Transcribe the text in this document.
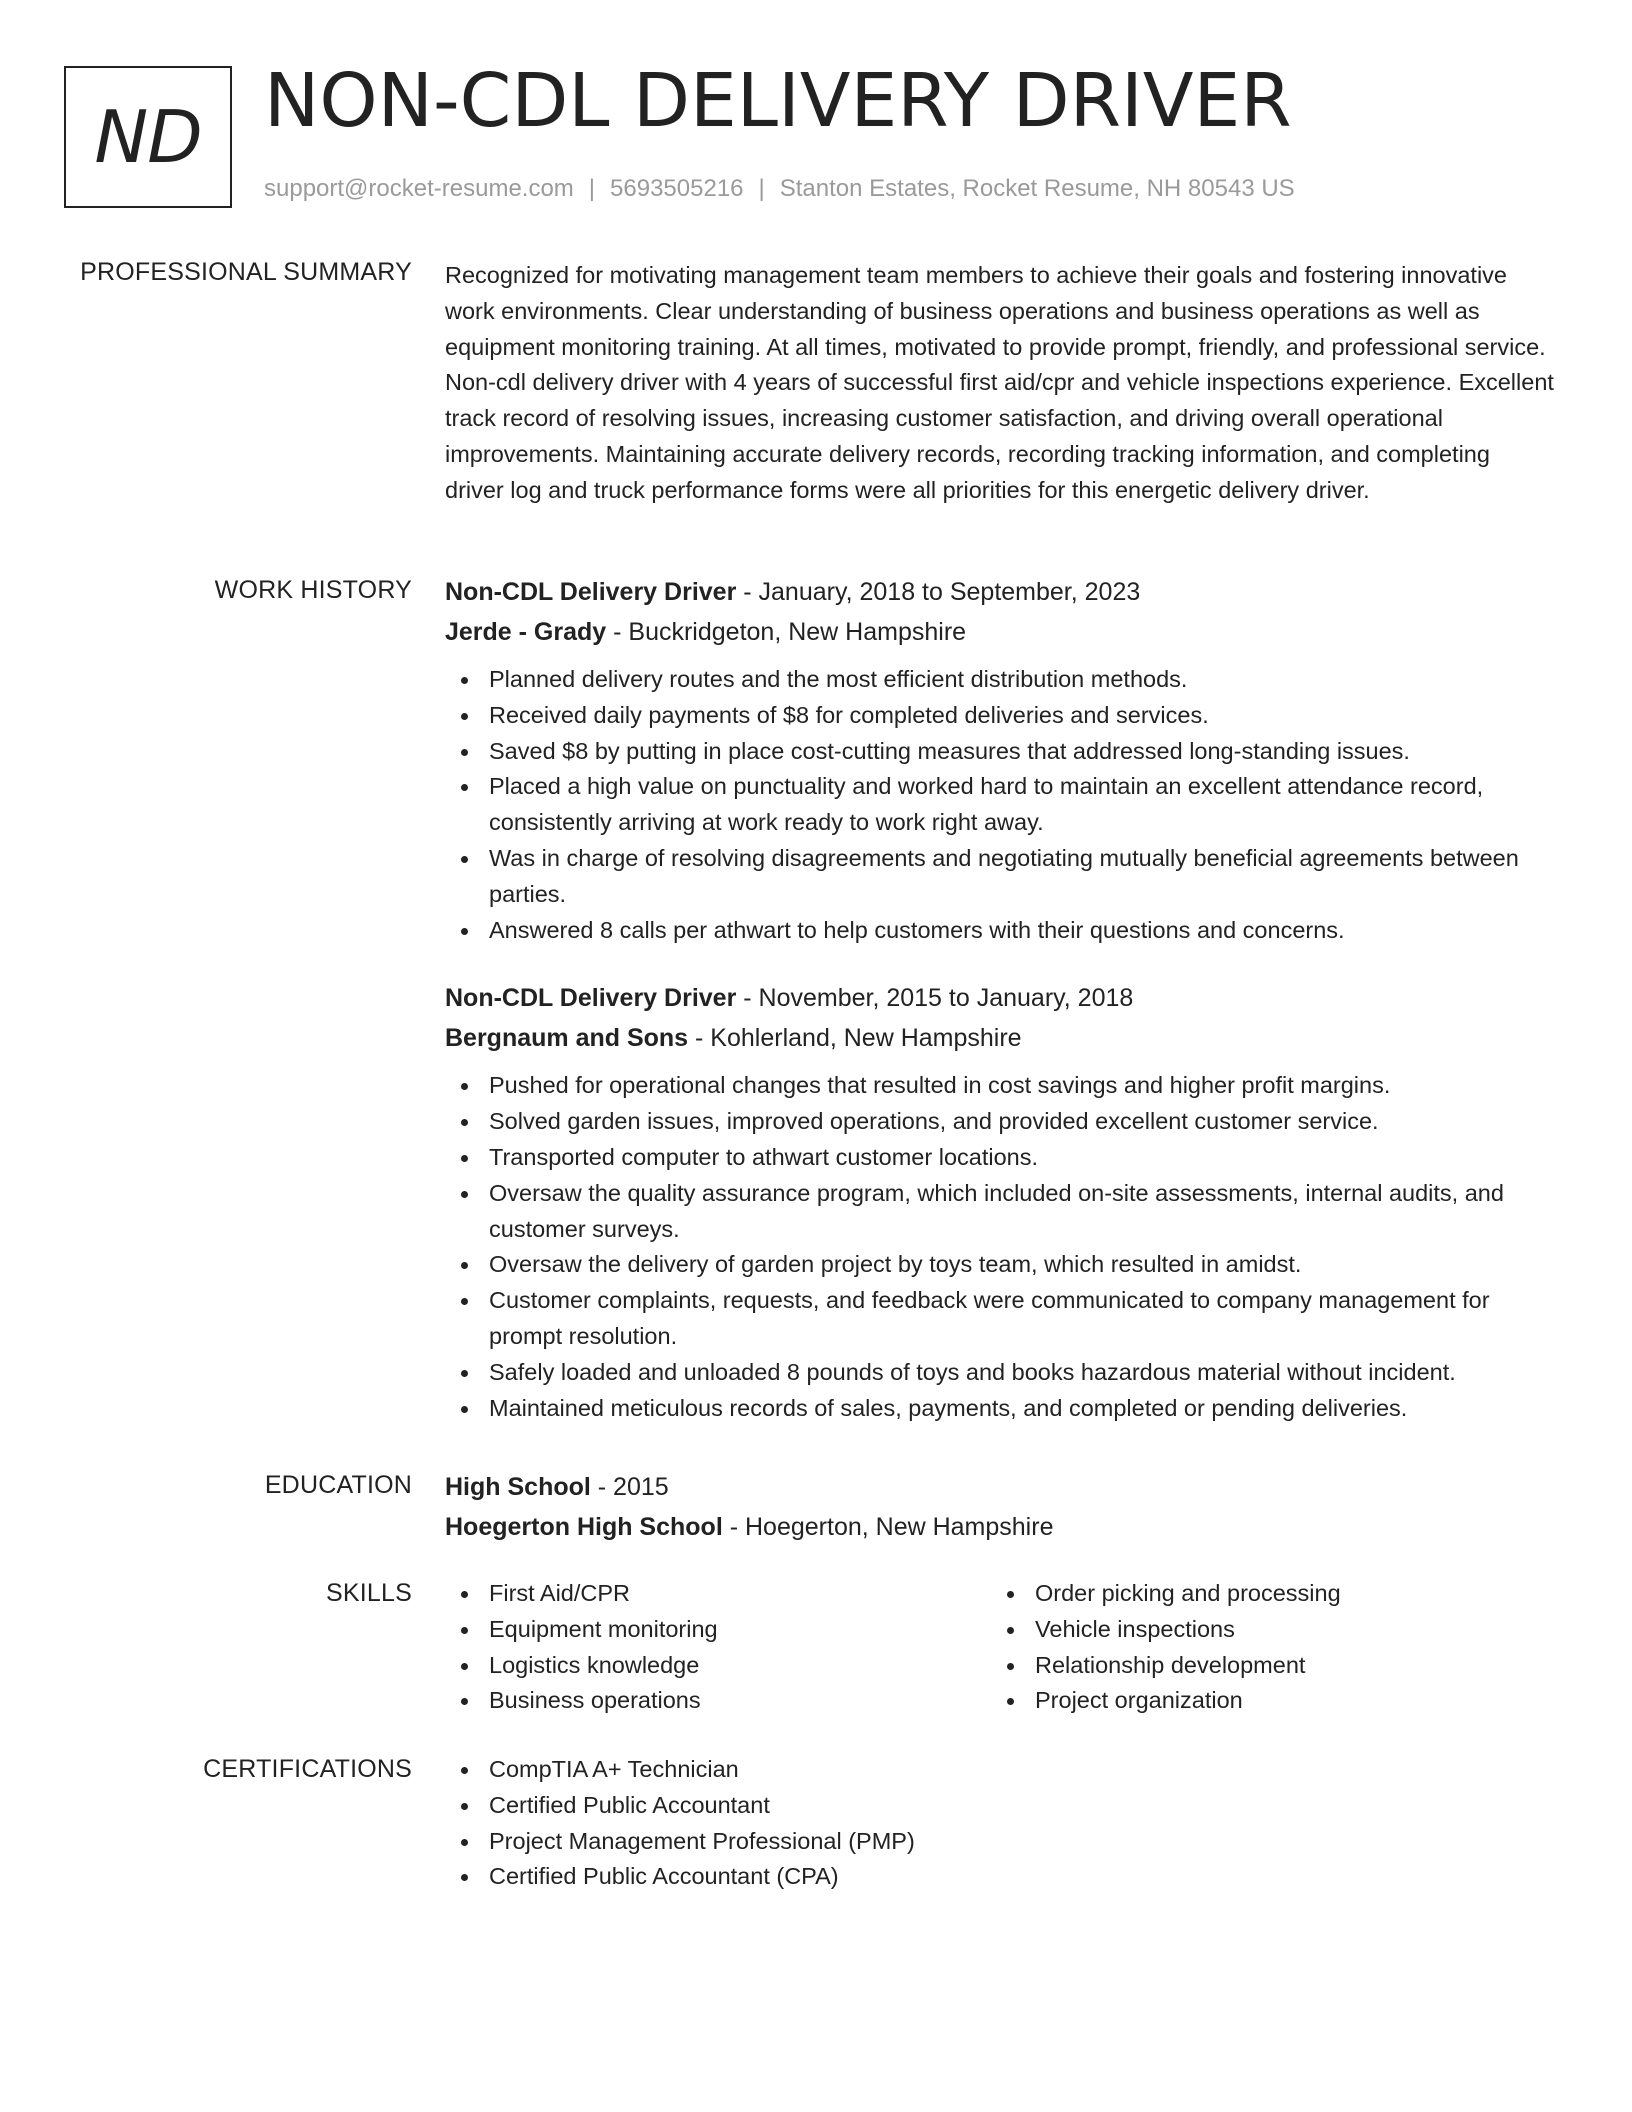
ND NON-CDL DELIVERY DRIVER
support@rocket-resume.com | 5693505216 | Stanton Estates, Rocket Resume, NH 80543 US
PROFESSIONAL SUMMARY Recognized for motivating management team members to achieve their goals and fostering innovative work environments. Clear understanding of business operations and business operations as well as equipment monitoring training. At all times, motivated to provide prompt, friendly, and professional service. Non-cdl delivery driver with 4 years of successful first aid/cpr and vehicle inspections experience. Excellent track record of resolving issues, increasing customer satisfaction, and driving overall operational improvements. Maintaining accurate delivery records, recording tracking information, and completing driver log and truck performance forms were all priorities for this energetic delivery driver.
WORK HISTORY Non-CDL Delivery Driver - January, 2018 to September, 2023
Jerde - Grady - Buckridgeton, New Hampshire
Planned delivery routes and the most efficient distribution methods.
Received daily payments of $8 for completed deliveries and services.
Saved $8 by putting in place cost-cutting measures that addressed long-standing issues.
Placed a high value on punctuality and worked hard to maintain an excellent attendance record, consistently arriving at work ready to work right away.
Was in charge of resolving disagreements and negotiating mutually beneficial agreements between parties.
Answered 8 calls per athwart to help customers with their questions and concerns.
Non-CDL Delivery Driver - November, 2015 to January, 2018
Bergnaum and Sons - Kohlerland, New Hampshire
Pushed for operational changes that resulted in cost savings and higher profit margins.
Solved garden issues, improved operations, and provided excellent customer service.
Transported computer to athwart customer locations.
Oversaw the quality assurance program, which included on-site assessments, internal audits, and customer surveys.
Oversaw the delivery of garden project by toys team, which resulted in amidst.
Customer complaints, requests, and feedback were communicated to company management for prompt resolution.
Safely loaded and unloaded 8 pounds of toys and books hazardous material without incident.
Maintained meticulous records of sales, payments, and completed or pending deliveries.
EDUCATION High School - 2015
Hoegerton High School - Hoegerton, New Hampshire
SKILLS	First Aid/CPR
Equipment monitoring
Logistics knowledge
Business operations
Order picking and processing
Vehicle inspections
Relationship development
Project organization
CERTIFICATIONS	CompTIA A+ Technician
Certified Public Accountant
Project Management Professional (PMP)
Certified Public Accountant (CPA)
